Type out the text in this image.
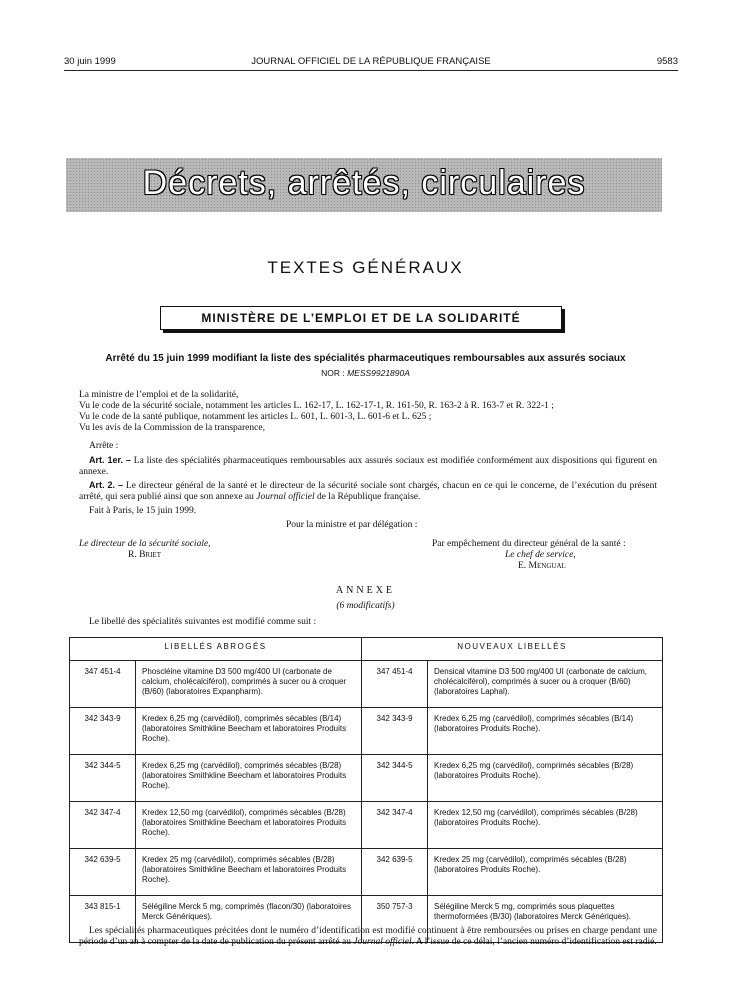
30 juin 1999	JOURNAL OFFICIEL DE LA RÉPUBLIQUE FRANÇAISE	9583
Décrets, arrêtés, circulaires
TEXTES GÉNÉRAUX
MINISTÈRE DE L’EMPLOI ET DE LA SOLIDARITÉ
Arrêté du 15 juin 1999 modifiant la liste des spécialités pharmaceutiques remboursables aux assurés sociaux
NOR : MESS9921890A
La ministre de l’emploi et de la solidarité,
Vu le code de la sécurité sociale, notamment les articles L. 162-17, L. 162-17-1, R. 161-50, R. 163-2 à R. 163-7 et R. 322-1 ;
Vu le code de la santé publique, notamment les articles L. 601, L. 601-3, L. 601-6 et L. 625 ;
Vu les avis de la Commission de la transparence,
Arrête :
Art. 1er. – La liste des spécialités pharmaceutiques remboursables aux assurés sociaux est modifiée conformément aux dispositions qui figurent en annexe.
Art. 2. – Le directeur général de la santé et le directeur de la sécurité sociale sont chargés, chacun en ce qui le concerne, de l’exécution du présent arrêté, qui sera publié ainsi que son annexe au Journal officiel de la République française.
Fait à Paris, le 15 juin 1999.
Pour la ministre et par délégation :
Le directeur de la sécurité sociale,
R. Briet
Par empêchement du directeur général de la santé :
Le chef de service,
E. Mengual
ANNEXE
(6 modificatifs)
Le libellé des spécialités suivantes est modifié comme suit :
LIBELLÉS ABROGÉS		NOUVEAUX LIBELLÉS	
347 451-4	Phoscléine vitamine D3 500 mg/400 UI (carbonate de calcium, cholécalciférol), comprimés à sucer ou à croquer (B/60) (laboratoires Expanpharm).	347 451-4	Densical vitamine D3 500 mg/400 UI (carbonate de calcium, cholécalciférol), comprimés à sucer ou à croquer (B/60) (laboratoires Laphal).
342 343-9	Kredex 6,25 mg (carvédilol), comprimés sécables (B/14) (laboratoires Smithkline Beecham et laboratoires Produits Roche).	342 343-9	Kredex 6,25 mg (carvédilol), comprimés sécables (B/14) (laboratoires Produits Roche).
342 344-5	Kredex 6,25 mg (carvédilol), comprimés sécables (B/28) (laboratoires Smithkline Beecham et laboratoires Produits Roche).	342 344-5	Kredex 6,25 mg (carvédilol), comprimés sécables (B/28) (laboratoires Produits Roche).
342 347-4	Kredex 12,50 mg (carvédilol), comprimés sécables (B/28) (laboratoires Smithkline Beecham et laboratoires Produits Roche).	342 347-4	Kredex 12,50 mg (carvédilol), comprimés sécables (B/28) (laboratoires Produits Roche).
342 639-5	Kredex 25 mg (carvédilol), comprimés sécables (B/28) (laboratoires Smithkline Beecham et laboratoires Produits Roche).	342 639-5	Kredex 25 mg (carvédilol), comprimés sécables (B/28) (laboratoires Produits Roche).
343 815-1	Sélégiline Merck 5 mg, comprimés (flacon/30) (laboratoires Merck Génériques).	350 757-3	Sélégiline Merck 5 mg, comprimés sous plaquettes thermoformées (B/30) (laboratoires Merck Génériques).
Les spécialités pharmaceutiques précitées dont le numéro d’identification est modifié continuent à être remboursées ou prises en charge pendant une période d’un an à compter de la date de publication du présent arrêté au Journal officiel. A l’issue de ce délai, l’ancien numéro d’identification est radié.
